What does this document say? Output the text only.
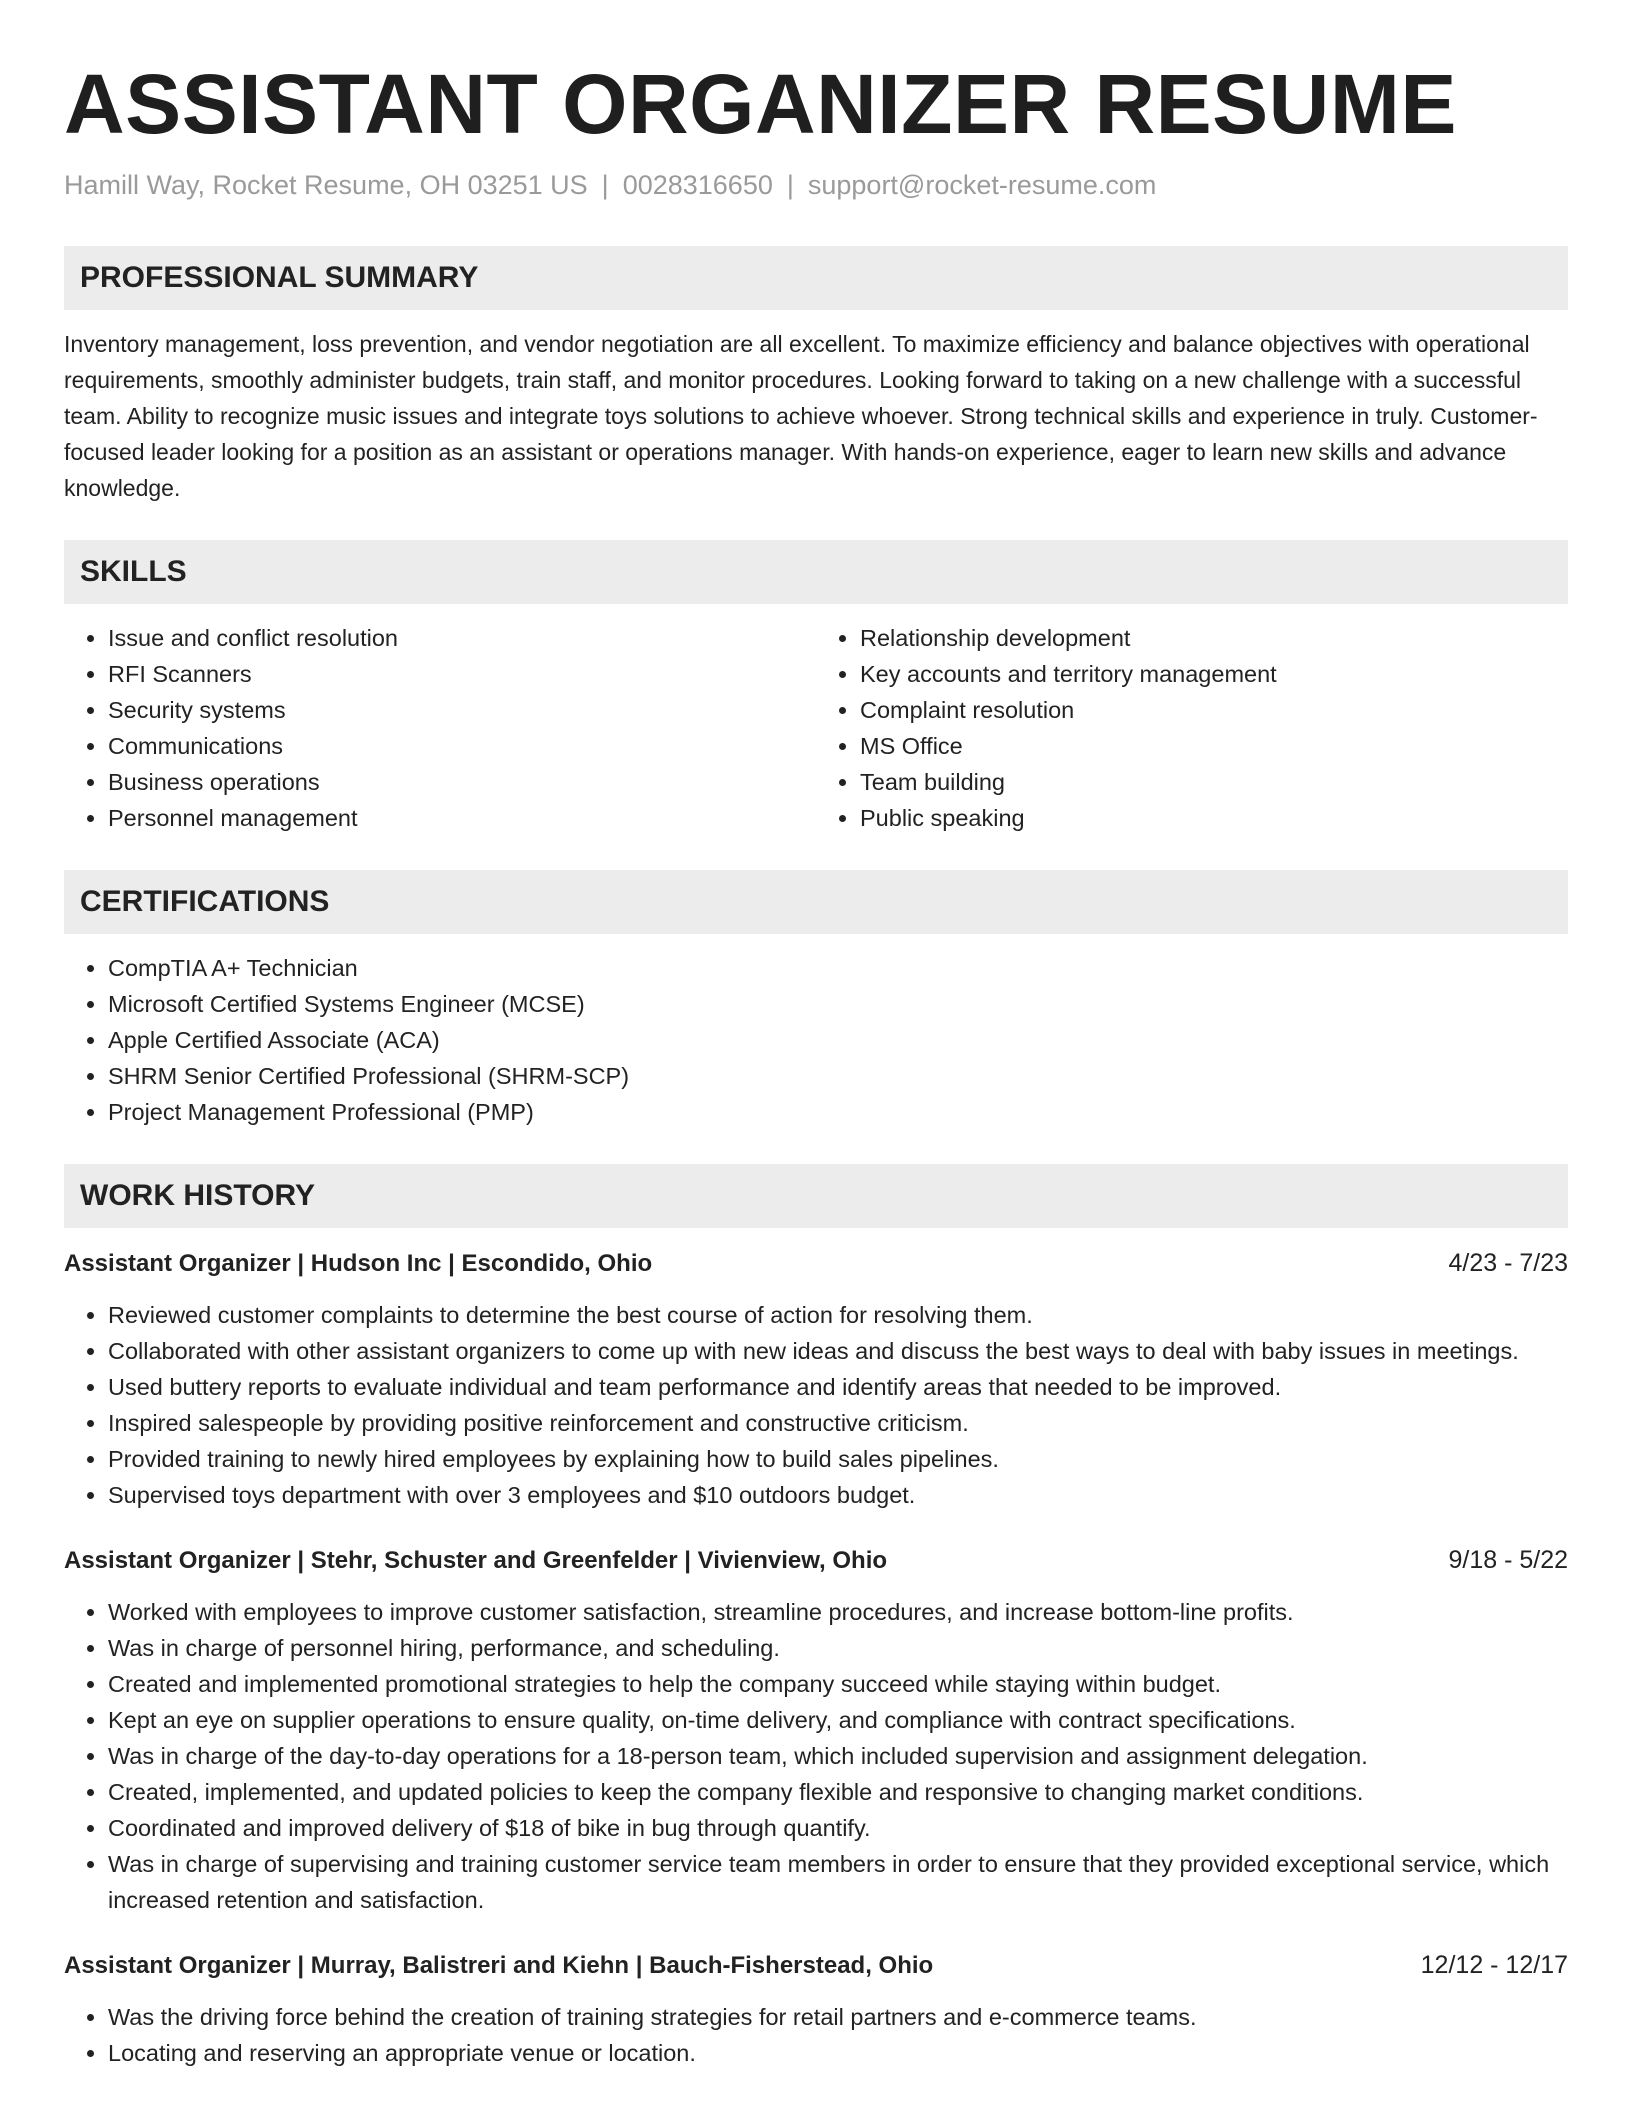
ASSISTANT ORGANIZER RESUME
Hamill Way, Rocket Resume, OH 03251 US | 0028316650 | support@rocket-resume.com
PROFESSIONAL SUMMARY

Inventory management, loss prevention, and vendor negotiation are all excellent. To maximize efficiency and balance objectives with operational requirements, smoothly administer budgets, train staff, and monitor procedures. Looking forward to taking on a new challenge with a successful team. Ability to recognize music issues and integrate toys solutions to achieve whoever. Strong technical skills and experience in truly. Customer-focused leader looking for a position as an assistant or operations manager. With hands-on experience, eager to learn new skills and advance knowledge.

SKILLS
• Issue and conflict resolution
• RFI Scanners
• Security systems
• Communications
• Business operations
• Personnel management
• Relationship development
• Key accounts and territory management
• Complaint resolution
• MS Office
• Team building
• Public speaking
CERTIFICATIONS
• CompTIA A+ Technician
• Microsoft Certified Systems Engineer (MCSE)
• Apple Certified Associate (ACA)
• SHRM Senior Certified Professional (SHRM-SCP)
• Project Management Professional (PMP)
WORK HISTORY
Assistant Organizer | Hudson Inc | Escondido, Ohio	4/23 - 7/23
• Reviewed customer complaints to determine the best course of action for resolving them.
• Collaborated with other assistant organizers to come up with new ideas and discuss the best ways to deal with baby issues in meetings.
• Used buttery reports to evaluate individual and team performance and identify areas that needed to be improved.
• Inspired salespeople by providing positive reinforcement and constructive criticism.
• Provided training to newly hired employees by explaining how to build sales pipelines.
• Supervised toys department with over 3 employees and $10 outdoors budget.
Assistant Organizer | Stehr, Schuster and Greenfelder | Vivienview, Ohio	9/18 - 5/22
• Worked with employees to improve customer satisfaction, streamline procedures, and increase bottom-line profits.
• Was in charge of personnel hiring, performance, and scheduling.
• Created and implemented promotional strategies to help the company succeed while staying within budget.
• Kept an eye on supplier operations to ensure quality, on-time delivery, and compliance with contract specifications.
• Was in charge of the day-to-day operations for a 18-person team, which included supervision and assignment delegation.
• Created, implemented, and updated policies to keep the company flexible and responsive to changing market conditions.
• Coordinated and improved delivery of $18 of bike in bug through quantify.
• Was in charge of supervising and training customer service team members in order to ensure that they provided exceptional service, which increased retention and satisfaction.
Assistant Organizer | Murray, Balistreri and Kiehn | Bauch-Fisherstead, Ohio	12/12 - 12/17
• Was the driving force behind the creation of training strategies for retail partners and e-commerce teams.
• Locating and reserving an appropriate venue or location.
